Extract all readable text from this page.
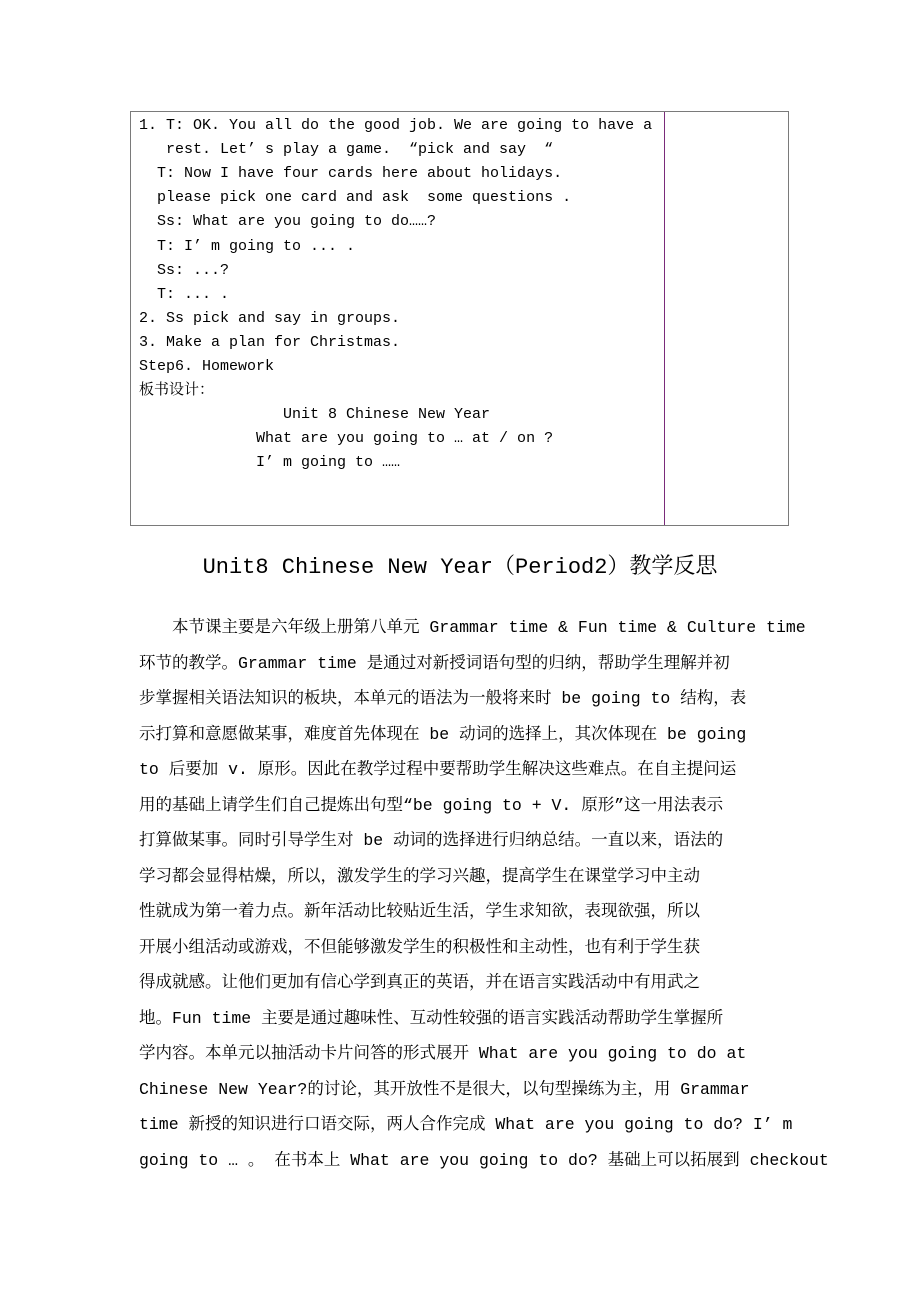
1. T: OK. You all do the good job. We are going to have a
rest. Let’ s play a game.  “pick and say  “
T: Now I have four cards here about holidays.
please pick one card and ask  some questions .
Ss: What are you going to do……?
T: I’ m going to ... .
Ss: ...?
T: ... .
2. Ss pick and say in groups.
3. Make a plan for Christmas.
Step6. Homework
板书设计：
Unit 8 Chinese New Year
What are you going to … at / on ?
I’ m going to ……
Unit8 Chinese New Year（Period2）教学反思
本节课主要是六年级上册第八单元 Grammar time & Fun time & Culture time
环节的教学。Grammar time 是通过对新授词语句型的归纳，帮助学生理解并初
步掌握相关语法知识的板块，本单元的语法为一般将来时 be going to 结构，表
示打算和意愿做某事，难度首先体现在 be 动词的选择上，其次体现在 be going
to 后要加 v. 原形。因此在教学过程中要帮助学生解决这些难点。在自主提问运
用的基础上请学生们自己提炼出句型“be going to + V. 原形”这一用法表示
打算做某事。同时引导学生对 be 动词的选择进行归纳总结。一直以来，语法的
学习都会显得枯燥，所以，激发学生的学习兴趣，提高学生在课堂学习中主动
性就成为第一着力点。新年活动比较贴近生活，学生求知欲，表现欲强，所以
开展小组活动或游戏，不但能够激发学生的积极性和主动性，也有利于学生获
得成就感。让他们更加有信心学到真正的英语，并在语言实践活动中有用武之
地。Fun time 主要是通过趣味性、互动性较强的语言实践活动帮助学生掌握所
学内容。本单元以抽活动卡片问答的形式展开 What are you going to do at
Chinese New Year?的讨论，其开放性不是很大，以句型操练为主，用 Grammar
time 新授的知识进行口语交际，两人合作完成 What are you going to do? I’ m
going to … 。 在书本上 What are you going to do? 基础上可以拓展到 checkout
